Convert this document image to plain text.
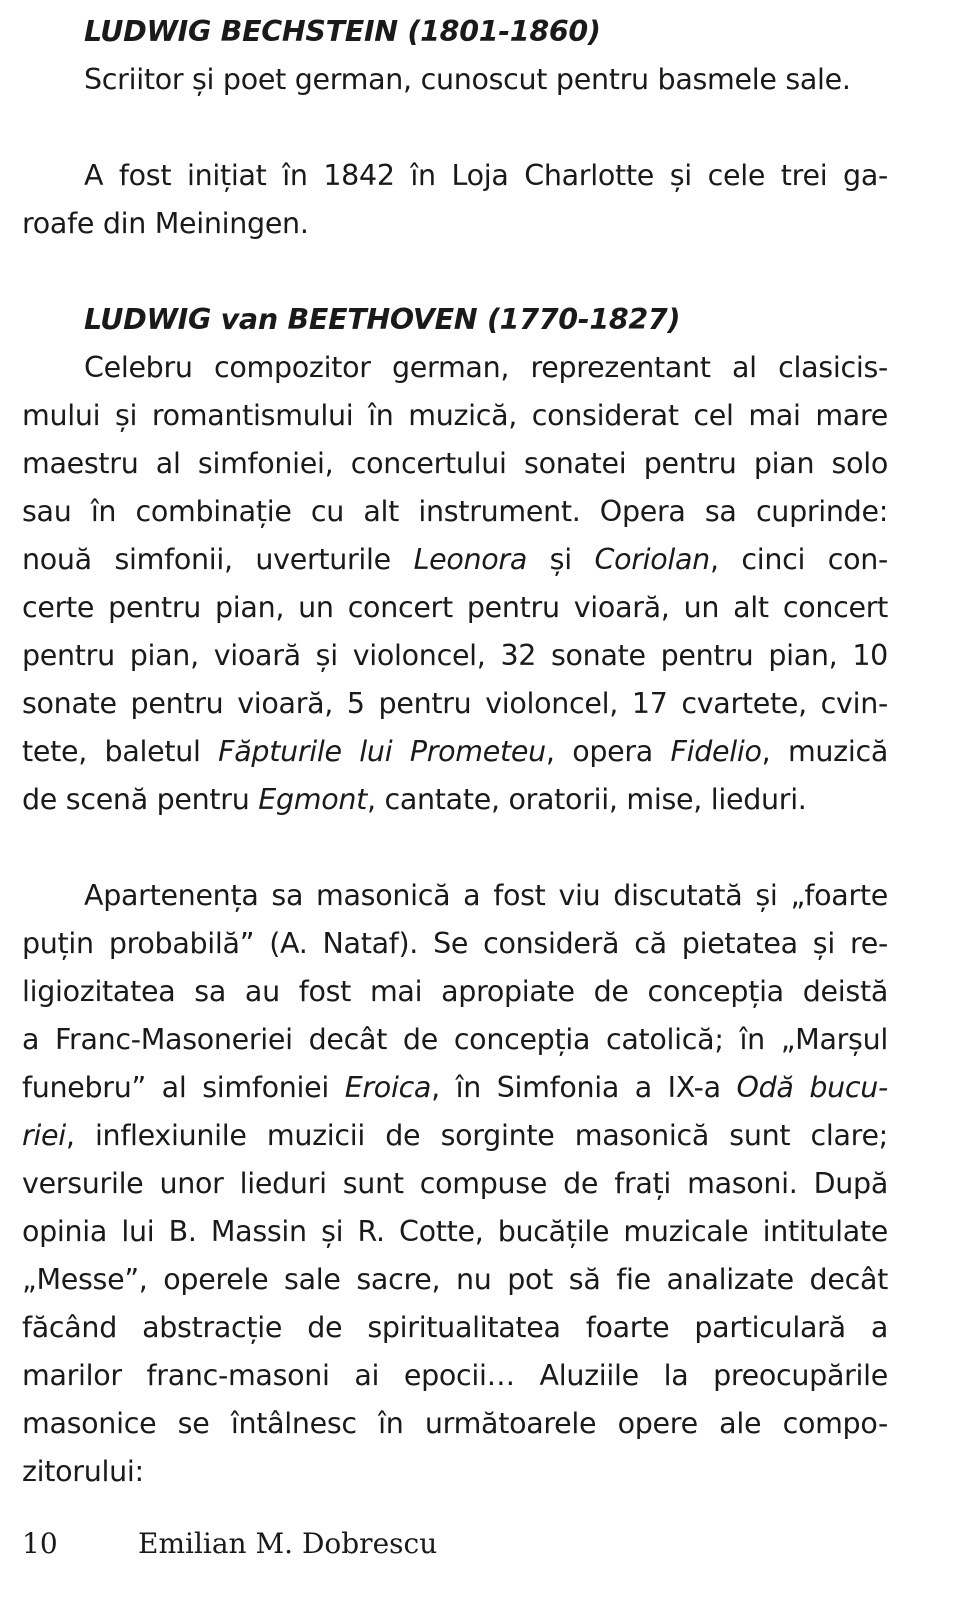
LUDWIG BECHSTEIN (1801-1860)

Scriitor și poet german, cunoscut pentru basmele sale.

A fost inițiat în 1842 în Loja Charlotte și cele trei ga-
roafe din Meiningen.

LUDWIG van BEETHOVEN (1770-1827)

Celebru compozitor german, reprezentant al clasicis-
mului și romantismului în muzică, considerat cel mai mare
maestru al simfoniei, concertului sonatei pentru pian solo
sau în combinație cu alt instrument. Opera sa cuprinde:
nouă simfonii, uverturile Leonora și Coriolan, cinci con-
certe pentru pian, un concert pentru vioară, un alt concert
pentru pian, vioară și violoncel, 32 sonate pentru pian, 10
sonate pentru vioară, 5 pentru violoncel, 17 cvartete, cvin-
tete, baletul Făpturile lui Prometeu, opera Fidelio, muzică
de scenă pentru Egmont, cantate, oratorii, mise, lieduri.
Apartenența sa masonică a fost viu discutată și „foarte
puțin probabilă” (A. Nataf). Se consideră că pietatea și re-
ligiozitatea sa au fost mai apropiate de concepția deistă
a Franc-Masoneriei decât de concepția catolică; în „Marșul
funebru” al simfoniei Eroica, în Simfonia a IX-a Odă bucu-
riei, inflexiunile muzicii de sorginte masonică sunt clare;
versurile unor lieduri sunt compuse de frați masoni. După
opinia lui B. Massin și R. Cotte, bucățile muzicale intitulate
„Messe”, operele sale sacre, nu pot să fie analizate decât
făcând abstracție de spiritualitatea foarte particulară a
marilor franc-masoni ai epocii… Aluziile la preocupările
masonice se întâlnesc în următoarele opere ale compo-
zitorului:
10	Emilian M. Dobrescu
